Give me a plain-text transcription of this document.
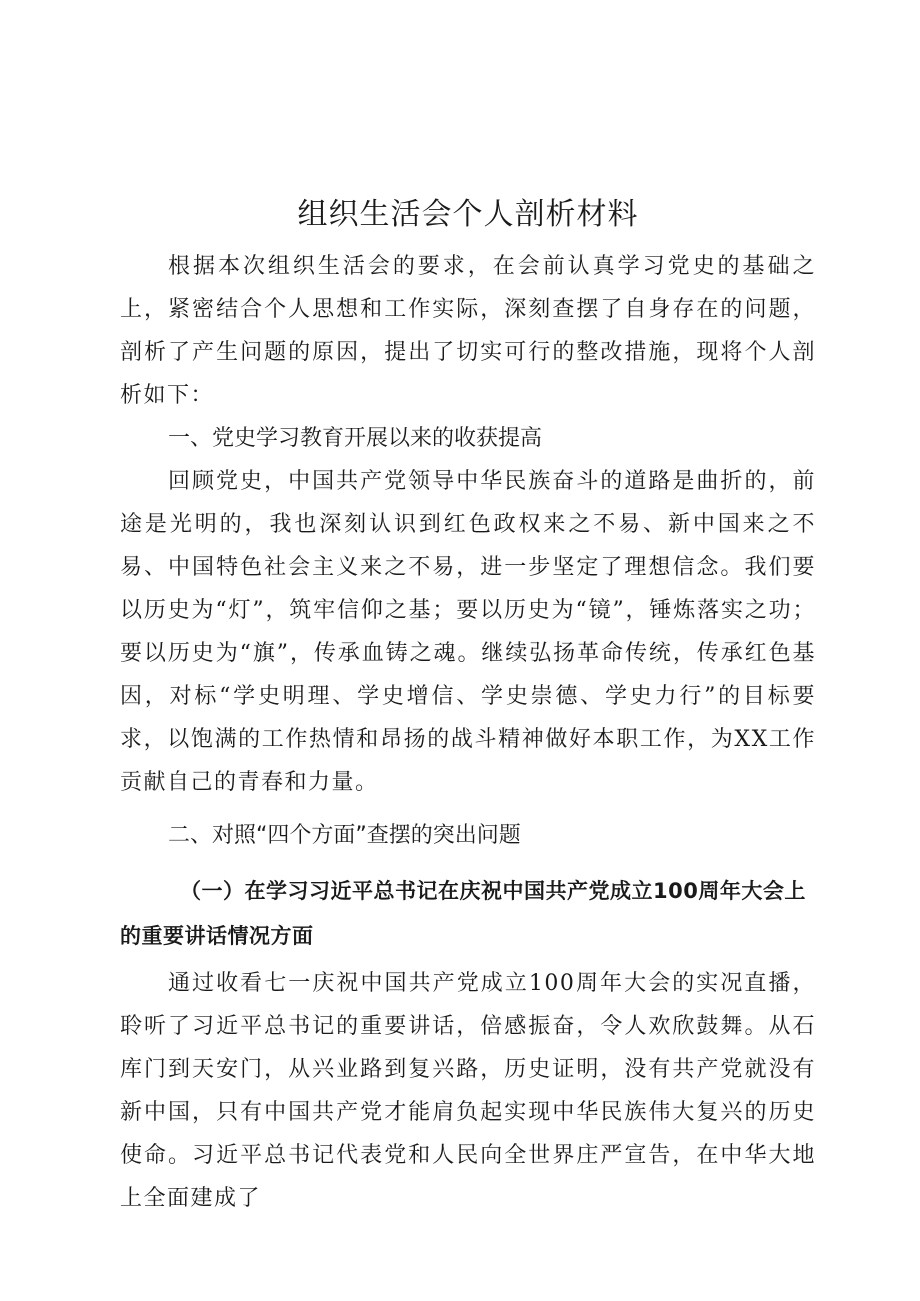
组织生活会个人剖析材料

根据本次组织生活会的要求，在会前认真学习党史的基础之上，紧密结合个人思想和工作实际，深刻查摆了自身存在的问题，剖析了产生问题的原因，提出了切实可行的整改措施，现将个人剖析如下：

一、党史学习教育开展以来的收获提高

回顾党史，中国共产党领导中华民族奋斗的道路是曲折的，前途是光明的，我也深刻认识到红色政权来之不易、新中国来之不易、中国特色社会主义来之不易，进一步坚定了理想信念。我们要以历史为“灯”，筑牢信仰之基；要以历史为“镜”，锤炼落实之功；要以历史为“旗”，传承血铸之魂。继续弘扬革命传统，传承红色基因，对标“学史明理、学史增信、学史崇德、学史力行”的目标要求，以饱满的工作热情和昂扬的战斗精神做好本职工作，为XX工作贡献自己的青春和力量。

二、对照“四个方面”查摆的突出问题

（一）在学习习近平总书记在庆祝中国共产党成立100周年大会上的重要讲话情况方面

通过收看七一庆祝中国共产党成立100周年大会的实况直播，聆听了习近平总书记的重要讲话，倍感振奋，令人欢欣鼓舞。从石库门到天安门，从兴业路到复兴路，历史证明，没有共产党就没有新中国，只有中国共产党才能肩负起实现中华民族伟大复兴的历史使命。习近平总书记代表党和人民向全世界庄严宣告，在中华大地上全面建成了
